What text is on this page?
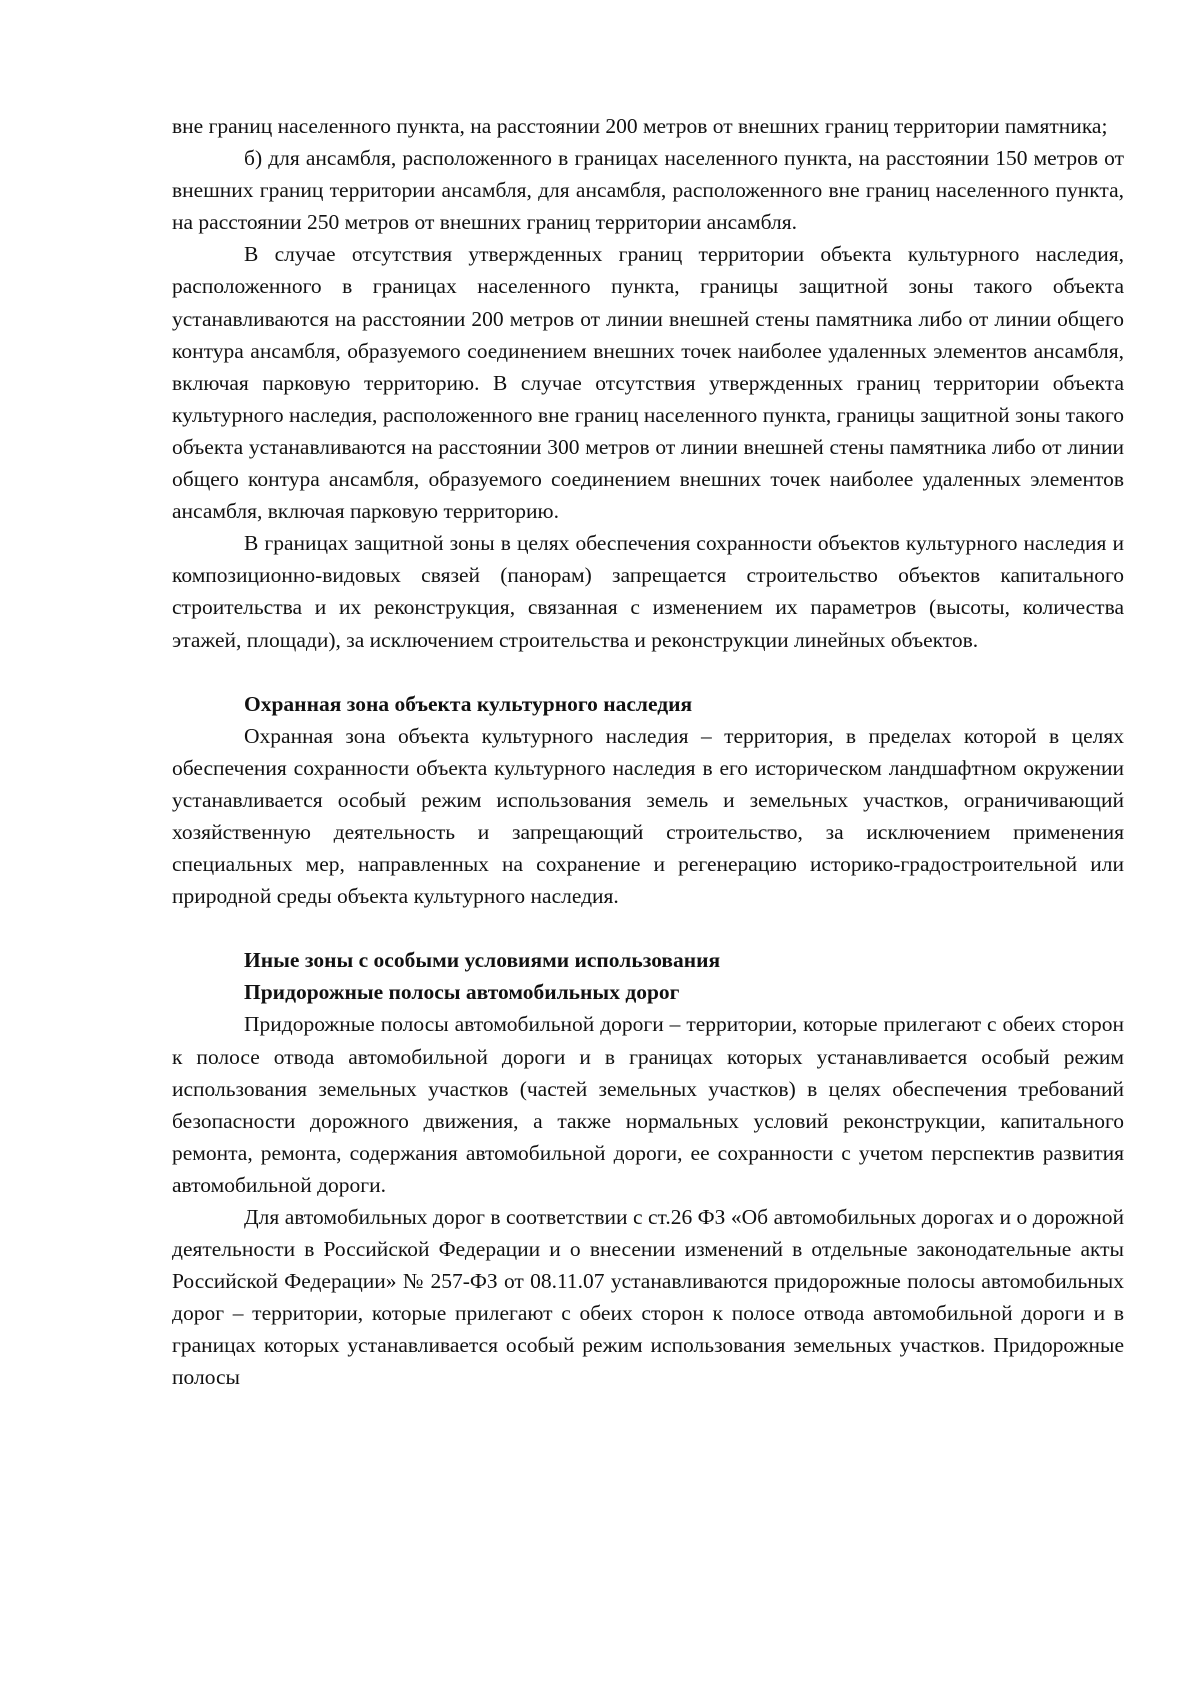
вне границ населенного пункта, на расстоянии 200 метров от внешних границ территории памятника;

б) для ансамбля, расположенного в границах населенного пункта, на расстоянии 150 метров от внешних границ территории ансамбля, для ансамбля, расположенного вне границ населенного пункта, на расстоянии 250 метров от внешних границ территории ансамбля.

В случае отсутствия утвержденных границ территории объекта культурного наследия, расположенного в границах населенного пункта, границы защитной зоны такого объекта устанавливаются на расстоянии 200 метров от линии внешней стены памятника либо от линии общего контура ансамбля, образуемого соединением внешних точек наиболее удаленных элементов ансамбля, включая парковую территорию. В случае отсутствия утвержденных границ территории объекта культурного наследия, расположенного вне границ населенного пункта, границы защитной зоны такого объекта устанавливаются на расстоянии 300 метров от линии внешней стены памятника либо от линии общего контура ансамбля, образуемого соединением внешних точек наиболее удаленных элементов ансамбля, включая парковую территорию.

В границах защитной зоны в целях обеспечения сохранности объектов культурного наследия и композиционно-видовых связей (панорам) запрещается строительство объектов капитального строительства и их реконструкция, связанная с изменением их параметров (высоты, количества этажей, площади), за исключением строительства и реконструкции линейных объектов.

Охранная зона объекта культурного наследия

Охранная зона объекта культурного наследия – территория, в пределах которой в целях обеспечения сохранности объекта культурного наследия в его историческом ландшафтном окружении устанавливается особый режим использования земель и земельных участков, ограничивающий хозяйственную деятельность и запрещающий строительство, за исключением применения специальных мер, направленных на сохранение и регенерацию историко-градостроительной или природной среды объекта культурного наследия.

Иные зоны с особыми условиями использования

Придорожные полосы автомобильных дорог

Придорожные полосы автомобильной дороги – территории, которые прилегают с обеих сторон к полосе отвода автомобильной дороги и в границах которых устанавливается особый режим использования земельных участков (частей земельных участков) в целях обеспечения требований безопасности дорожного движения, а также нормальных условий реконструкции, капитального ремонта, ремонта, содержания автомобильной дороги, ее сохранности с учетом перспектив развития автомобильной дороги.

Для автомобильных дорог в соответствии с ст.26 ФЗ «Об автомобильных дорогах и о дорожной деятельности в Российской Федерации и о внесении изменений в отдельные законодательные акты Российской Федерации» № 257-ФЗ от 08.11.07 устанавливаются придорожные полосы автомобильных дорог – территории, которые прилегают с обеих сторон к полосе отвода автомобильной дороги и в границах которых устанавливается особый режим использования земельных участков. Придорожные полосы
